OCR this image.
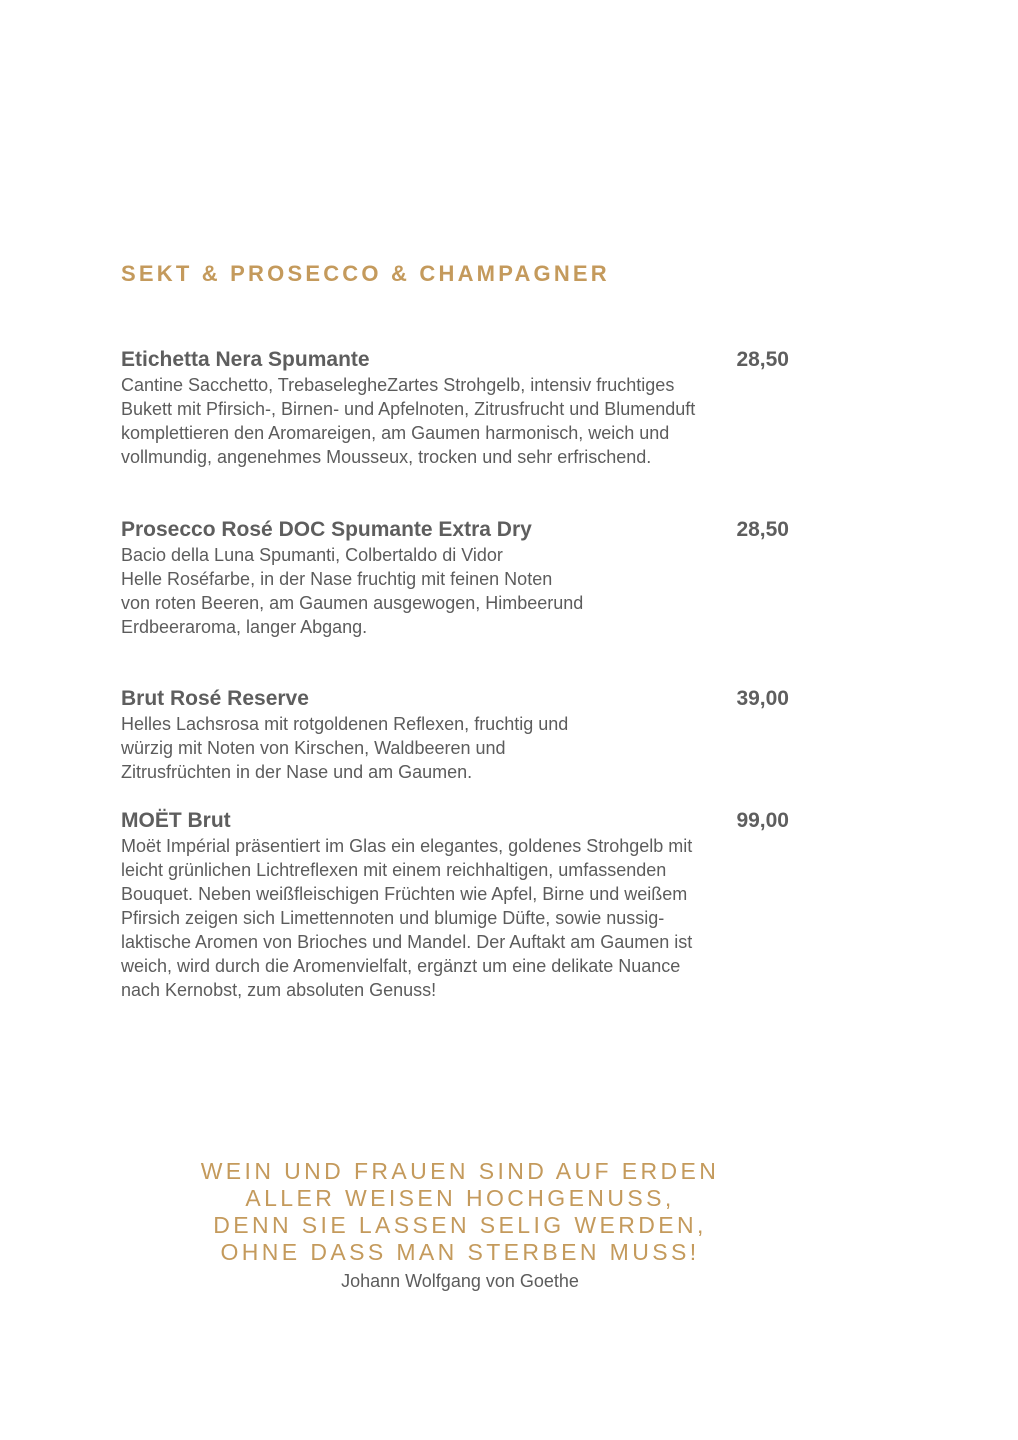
SEKT & PROSECCO & CHAMPAGNER
Etichetta Nera Spumante	28,50
Cantine Sacchetto, TrebaseleghеZartes Strohgelb, intensiv fruchtiges
Bukett mit Pfirsich-, Birnen- und Apfelnoten, Zitrusfrucht und Blumenduft
komplettieren den Aromareigen, am Gaumen harmonisch, weich und
vollmundig, angenehmes Mousseux, trocken und sehr erfrischend.
Prosecco Rosé DOC Spumante Extra Dry	28,50
Bacio della Luna Spumanti, Colbertaldo di Vidor
Helle Roséfarbe, in der Nase fruchtig mit feinen Noten
von roten Beeren, am Gaumen ausgewogen, Himbeerund
Erdbeeraroma, langer Abgang.
Brut Rosé Reserve	39,00
Helles Lachsrosa mit rotgoldenen Reflexen, fruchtig und
würzig mit Noten von Kirschen, Waldbeeren und
Zitrusfrüchten in der Nase und am Gaumen.
MOËT Brut	99,00
Moët Impérial präsentiert im Glas ein elegantes, goldenes Strohgelb mit
leicht grünlichen Lichtreflexen mit einem reichhaltigen, umfassenden
Bouquet. Neben weißfleischigen Früchten wie Apfel, Birne und weißem
Pfirsich zeigen sich Limettennoten und blumige Düfte, sowie nussig-
laktische Aromen von Brioches und Mandel. Der Auftakt am Gaumen ist
weich, wird durch die Aromenvielfalt, ergänzt um eine delikate Nuance
nach Kernobst, zum absoluten Genuss!
WEIN UND FRAUEN SIND AUF ERDEN
ALLER WEISEN HOCHGENUSS,
DENN SIE LASSEN SELIG WERDEN,
OHNE DASS MAN STERBEN MUSS!
Johann Wolfgang von Goethe
